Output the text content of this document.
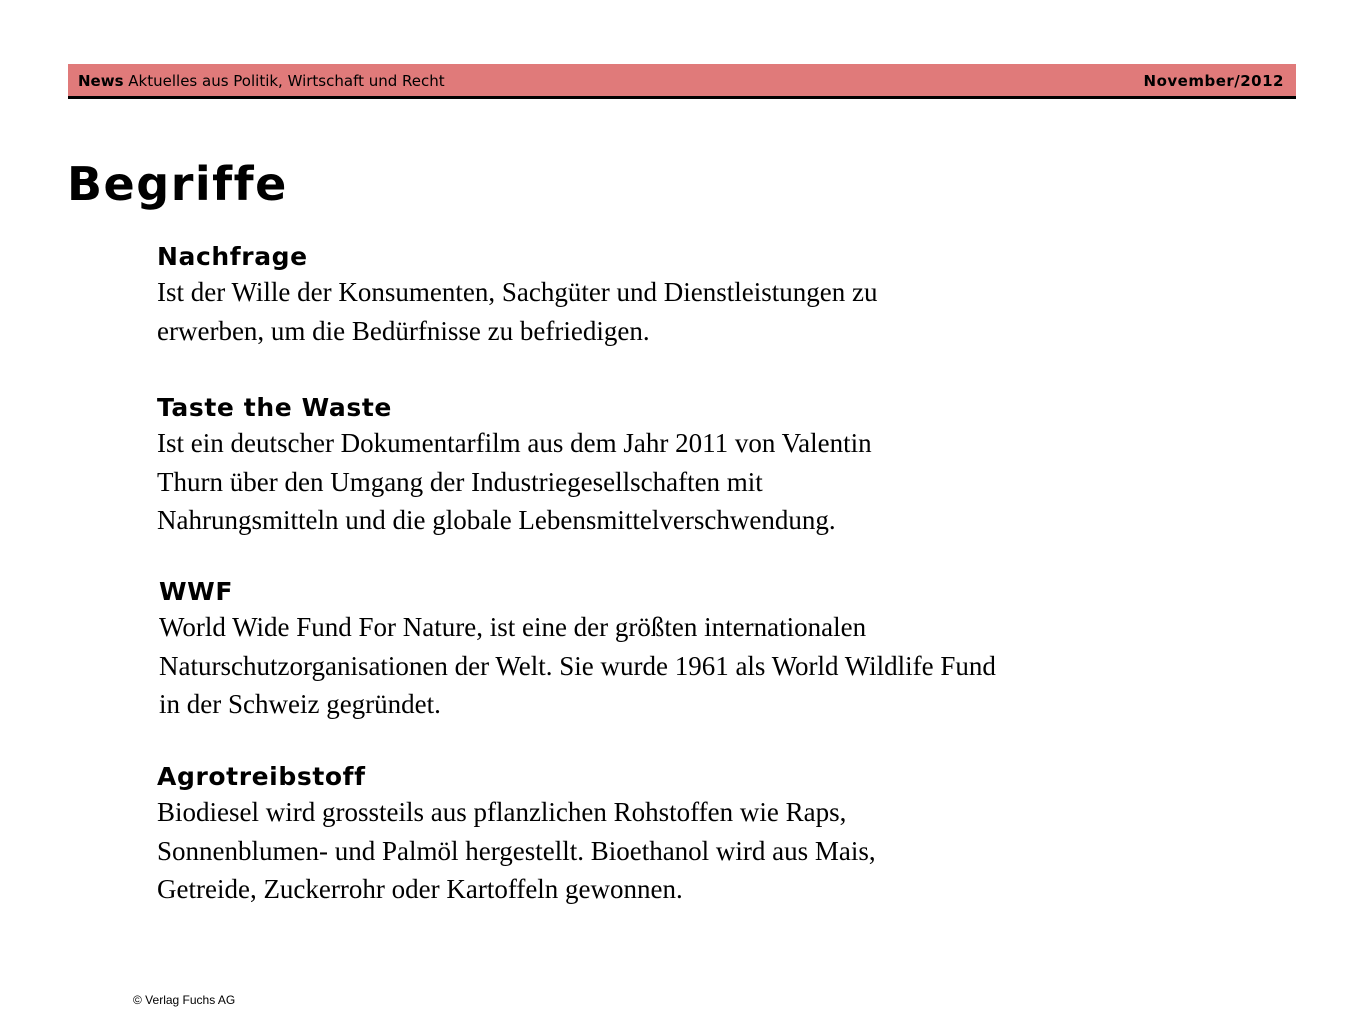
News Aktuelles aus Politik, Wirtschaft und Recht	November/2012
Begriffe
Nachfrage

Ist der Wille der Konsumenten, Sachgüter und Dienstleistungen zu
erwerben, um die Bedürfnisse zu befriedigen.

Taste the Waste

Ist ein deutscher Dokumentarfilm aus dem Jahr 2011 von Valentin
Thurn über den Umgang der Industriegesellschaften mit
Nahrungsmitteln und die globale Lebensmittelverschwendung.

WWF

World Wide Fund For Nature, ist eine der größten internationalen
Naturschutzorganisationen der Welt. Sie wurde 1961 als World Wildlife Fund
in der Schweiz gegründet.

Agrotreibstoff

Biodiesel wird grossteils aus pflanzlichen Rohstoffen wie Raps,
Sonnenblumen- und Palmöl hergestellt. Bioethanol wird aus Mais,
Getreide, Zuckerrohr oder Kartoffeln gewonnen.

© Verlag Fuchs AG
